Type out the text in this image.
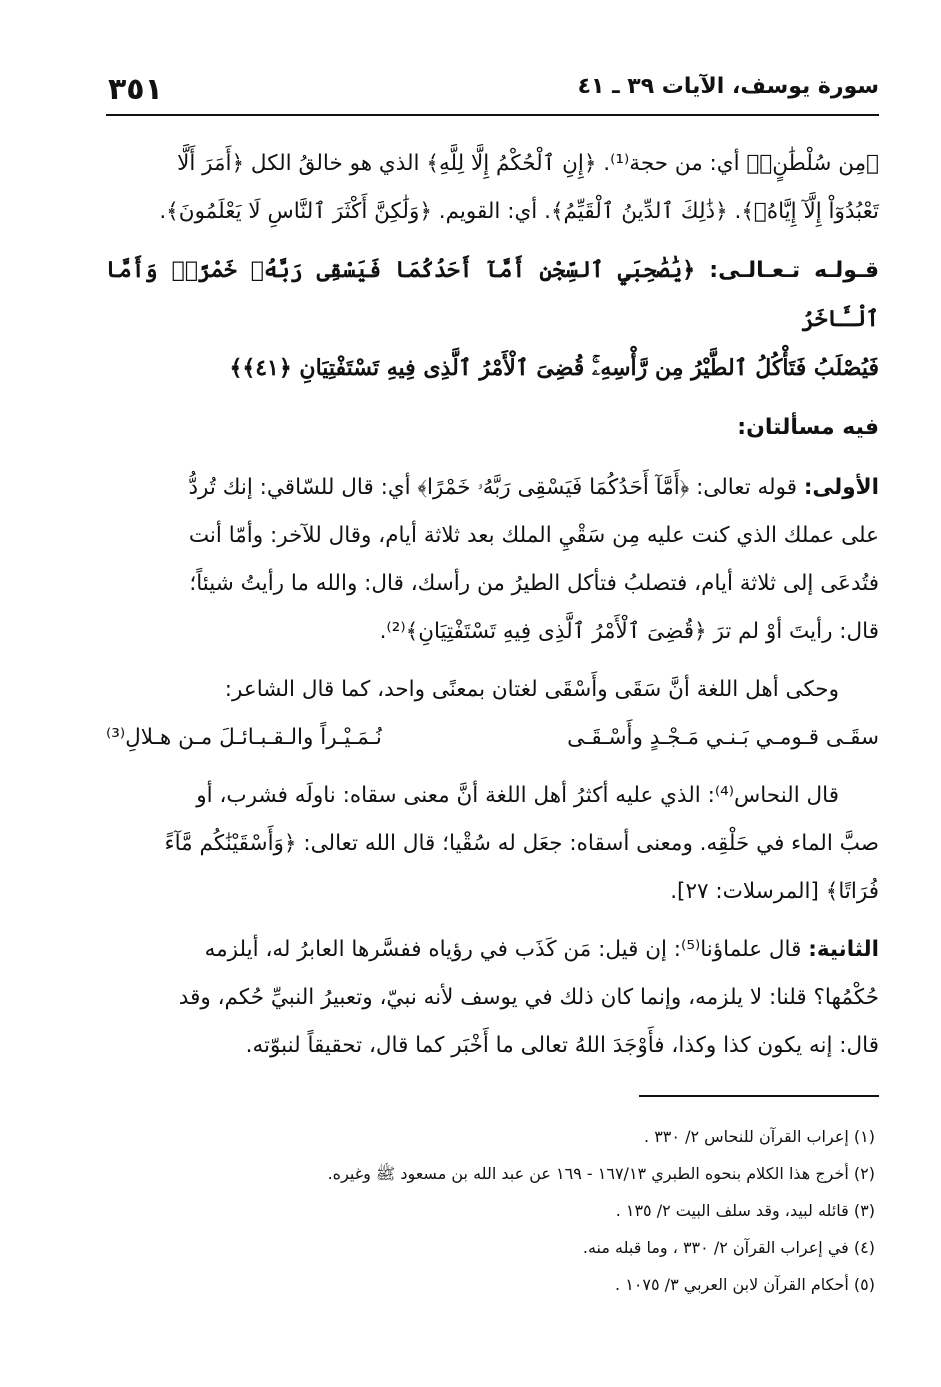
سورة يوسف، الآيات ٣٩ ـ ٤١
٣٥١

﴿مِن سُلْطَٰنٍۚ﴾ أي: من حجة⁽¹⁾. ﴿إِنِ ٱلْحُكْمُ إِلَّا لِلَّهِ﴾ الذي هو خالقُ الكل ﴿أَمَرَ أَلَّا

تَعْبُدُوٓاْ إِلَّآ إِيَّاهُۚ﴾. ﴿ذَٰلِكَ ٱلدِّينُ ٱلْقَيِّمُ﴾. أي: القويم. ﴿وَلَٰكِنَّ أَكْثَرَ ٱلنَّاسِ لَا يَعْلَمُونَ﴾.

قـولـه تـعـالـى: ﴿يَٰصَٰحِبَيِ ٱلسِّجْنِ أَمَّآ أَحَدُكُمَا فَيَسْقِى رَبَّهُۥ خَمْرًاۖ وَأَمَّا ٱلْـَٔاخَرُ

فَيُصْلَبُ فَتَأْكُلُ ٱلطَّيْرُ مِن رَّأْسِهِۦۚ قُضِىَ ٱلْأَمْرُ ٱلَّذِى فِيهِ تَسْتَفْتِيَانِ ﴿٤١﴾﴾

فيه مسألتان:

الأولى: قوله تعالى: ﴿أَمَّآ أَحَدُكُمَا فَيَسْقِى رَبَّهُۥ خَمْرًا﴾ أي: قال للسّاقي: إنك تُردُّ

على عملك الذي كنت عليه مِن سَقْيِ الملك بعد ثلاثة أيام، وقال للآخر: وأمّا أنت

فتُدعَى إلى ثلاثة أيام، فتصلبُ فتأكل الطيرُ من رأسك، قال: والله ما رأيتُ شيئاً؛

قال: رأيتَ أوْ لم ترَ ﴿قُضِىَ ٱلْأَمْرُ ٱلَّذِى فِيهِ تَسْتَفْتِيَانِ﴾⁽²⁾.

وحكى أهل اللغة أنَّ سَقَى وأَسْقَى لغتان بمعنًى واحد، كما قال الشاعر:

سقَـى قـومـي بَـنـي مَـجْـدٍ وأَسْـقَـى
نُـمَـيْـراً والـقـبـائـلَ مـن هـلالِ⁽³⁾

قال النحاس⁽⁴⁾: الذي عليه أكثرُ أهل اللغة أنَّ معنى سقاه: ناولَه فشرب، أو

صبَّ الماء في حَلْقِه. ومعنى أسقاه: جعَل له سُقْيا؛ قال الله تعالى: ﴿وَأَسْقَيْنَٰكُم مَّآءً

فُرَاتًا﴾ [المرسلات: ٢٧].

الثانية: قال علماؤنا⁽⁵⁾: إن قيل: مَن كَذَب في رؤياه ففسَّرها العابرُ له، أيلزمه

حُكْمُها؟ قلنا: لا يلزمه، وإنما كان ذلك في يوسف لأنه نبيّ، وتعبيرُ النبيِّ حُكم، وقد

قال: إنه يكون كذا وكذا، فأَوْجَدَ اللهُ تعالى ما أَخْبَر كما قال، تحقيقاً لنبوّته.

(١) إعراب القرآن للنحاس ٢/ ٣٣٠ .

(٢) أخرج هذا الكلام بنحوه الطبري ١٦٧/١٣ - ١٦٩ عن عبد الله بن مسعود ﷺ وغيره.

(٣) قائله لبيد، وقد سلف البيت ٢/ ١٣٥ .

(٤) في إعراب القرآن ٢/ ٣٣٠ ، وما قبله منه.

(٥) أحكام القرآن لابن العربي ٣/ ١٠٧٥ .
